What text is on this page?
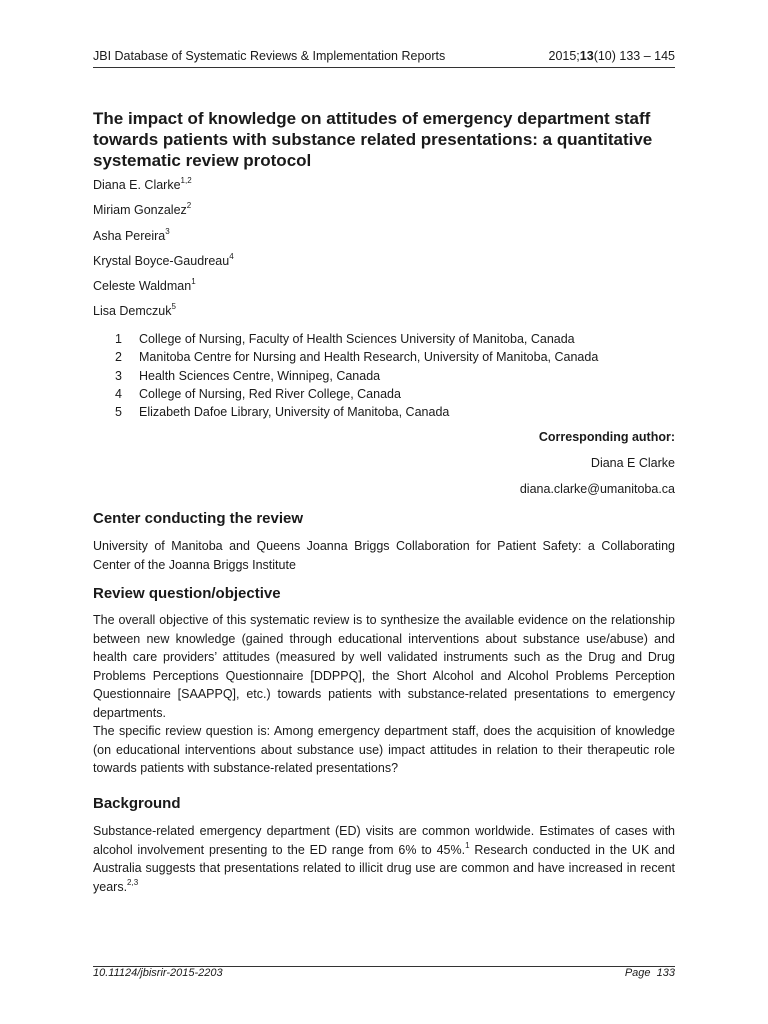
JBI Database of Systematic Reviews & Implementation Reports	2015;13(10) 133 – 145
The impact of knowledge on attitudes of emergency department staff towards patients with substance related presentations: a quantitative systematic review protocol
Diana E. Clarke$^{1,2}$
Miriam Gonzalez$^2$
Asha Pereira$^3$
Krystal Boyce-Gaudreau$^4$
Celeste Waldman$^1$
Lisa Demczuk$^5$
1 College of Nursing, Faculty of Health Sciences University of Manitoba, Canada
2 Manitoba Centre for Nursing and Health Research, University of Manitoba, Canada
3 Health Sciences Centre, Winnipeg, Canada
4 College of Nursing, Red River College, Canada
5 Elizabeth Dafoe Library, University of Manitoba, Canada
Corresponding author:
Diana E Clarke
diana.clarke@umanitoba.ca
Center conducting the review

University of Manitoba and Queens Joanna Briggs Collaboration for Patient Safety: a Collaborating Center of the Joanna Briggs Institute

Review question/objective

The overall objective of this systematic review is to synthesize the available evidence on the relationship between new knowledge (gained through educational interventions about substance use/abuse) and health care providers’ attitudes (measured by well validated instruments such as the Drug and Drug Problems Perceptions Questionnaire [DDPPQ], the Short Alcohol and Alcohol Problems Perception Questionnaire [SAAPPQ], etc.) towards patients with substance-related presentations to emergency departments.

The specific review question is: Among emergency department staff, does the acquisition of knowledge (on educational interventions about substance use) impact attitudes in relation to their therapeutic role towards patients with substance-related presentations?

Background

Substance-related emergency department (ED) visits are common worldwide. Estimates of cases with alcohol involvement presenting to the ED range from 6% to 45%.$^1$ Research conducted in the UK and Australia suggests that presentations related to illicit drug use are common and have increased in recent years.$^{2,3}$

10.11124/jbisrir-2015-2203	Page 133
